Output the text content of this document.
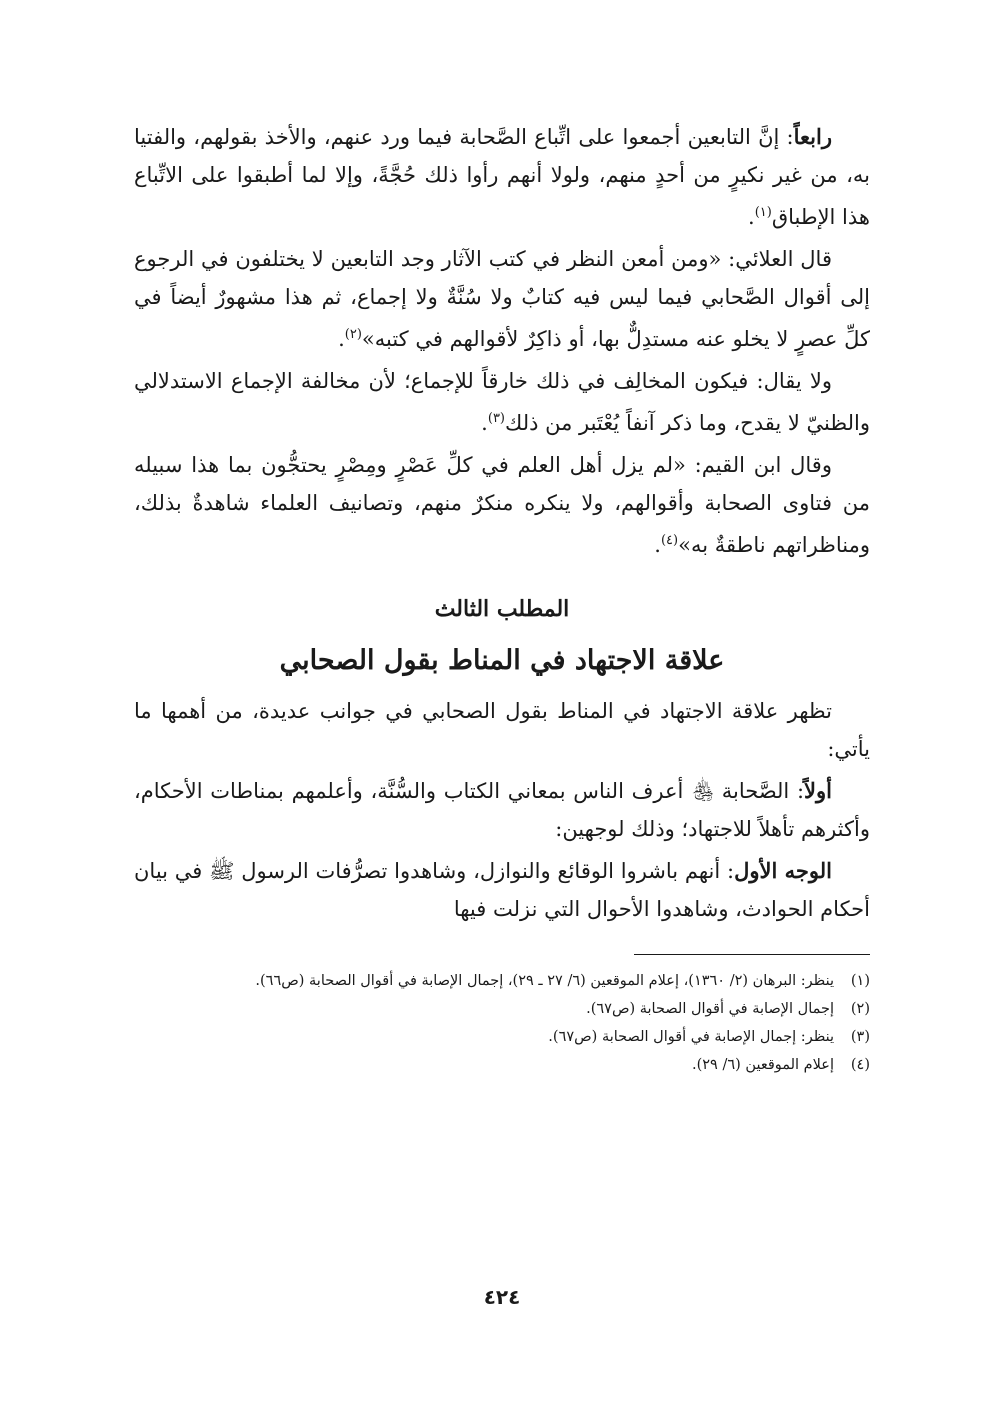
رابعاً: إنَّ التابعين أجمعوا على اتِّباع الصَّحابة فيما ورد عنهم، والأخذ بقولهم، والفتيا به، من غير نكيرٍ من أحدٍ منهم، ولولا أنهم رأوا ذلك حُجَّةً، وإلا لما أطبقوا على الاتِّباع هذا الإطباق$^{(١)}$.

قال العلائي: «ومن أمعن النظر في كتب الآثار وجد التابعين لا يختلفون في الرجوع إلى أقوال الصَّحابي فيما ليس فيه كتابٌ ولا سُنَّةٌ ولا إجماع، ثم هذا مشهورٌ أيضاً في كلِّ عصرٍ لا يخلو عنه مستدِلٌّ بها، أو ذاكِرٌ لأقوالهم في كتبه»$^{(٢)}$.

ولا يقال: فيكون المخالِف في ذلك خارقاً للإجماع؛ لأن مخالفة الإجماع الاستدلالي والظنيّ لا يقدح، وما ذكر آنفاً يُعْتَبر من ذلك$^{(٣)}$.

وقال ابن القيم: «لم يزل أهل العلم في كلِّ عَصْرٍ ومِصْرٍ يحتجُّون بما هذا سبيله من فتاوى الصحابة وأقوالهم، ولا ينكره منكرٌ منهم، وتصانيف العلماء شاهدةٌ بذلك، ومناظراتهم ناطقةٌ به»$^{(٤)}$.

المطلب الثالث
علاقة الاجتهاد في المناط بقول الصحابي

تظهر علاقة الاجتهاد في المناط بقول الصحابي في جوانب عديدة، من أهمها ما يأتي:

أولاً: الصَّحابة ﵃ أعرف الناس بمعاني الكتاب والسُّنَّة، وأعلمهم بمناطات الأحكام، وأكثرهم تأهلاً للاجتهاد؛ وذلك لوجهين:

الوجه الأول: أنهم باشروا الوقائع والنوازل، وشاهدوا تصرُّفات الرسول ﷺ في بيان أحكام الحوادث، وشاهدوا الأحوال التي نزلت فيها

(١)
ينظر: البرهان (٢/ ١٣٦٠)، إعلام الموقعين (٦/ ٢٧ ـ ٢٩)، إجمال الإصابة في أقوال الصحابة (ص٦٦).
(٢)
إجمال الإصابة في أقوال الصحابة (ص٦٧).
(٣)
ينظر: إجمال الإصابة في أقوال الصحابة (ص٦٧).
(٤)
إعلام الموقعين (٦/ ٢٩).
٤٢٤
